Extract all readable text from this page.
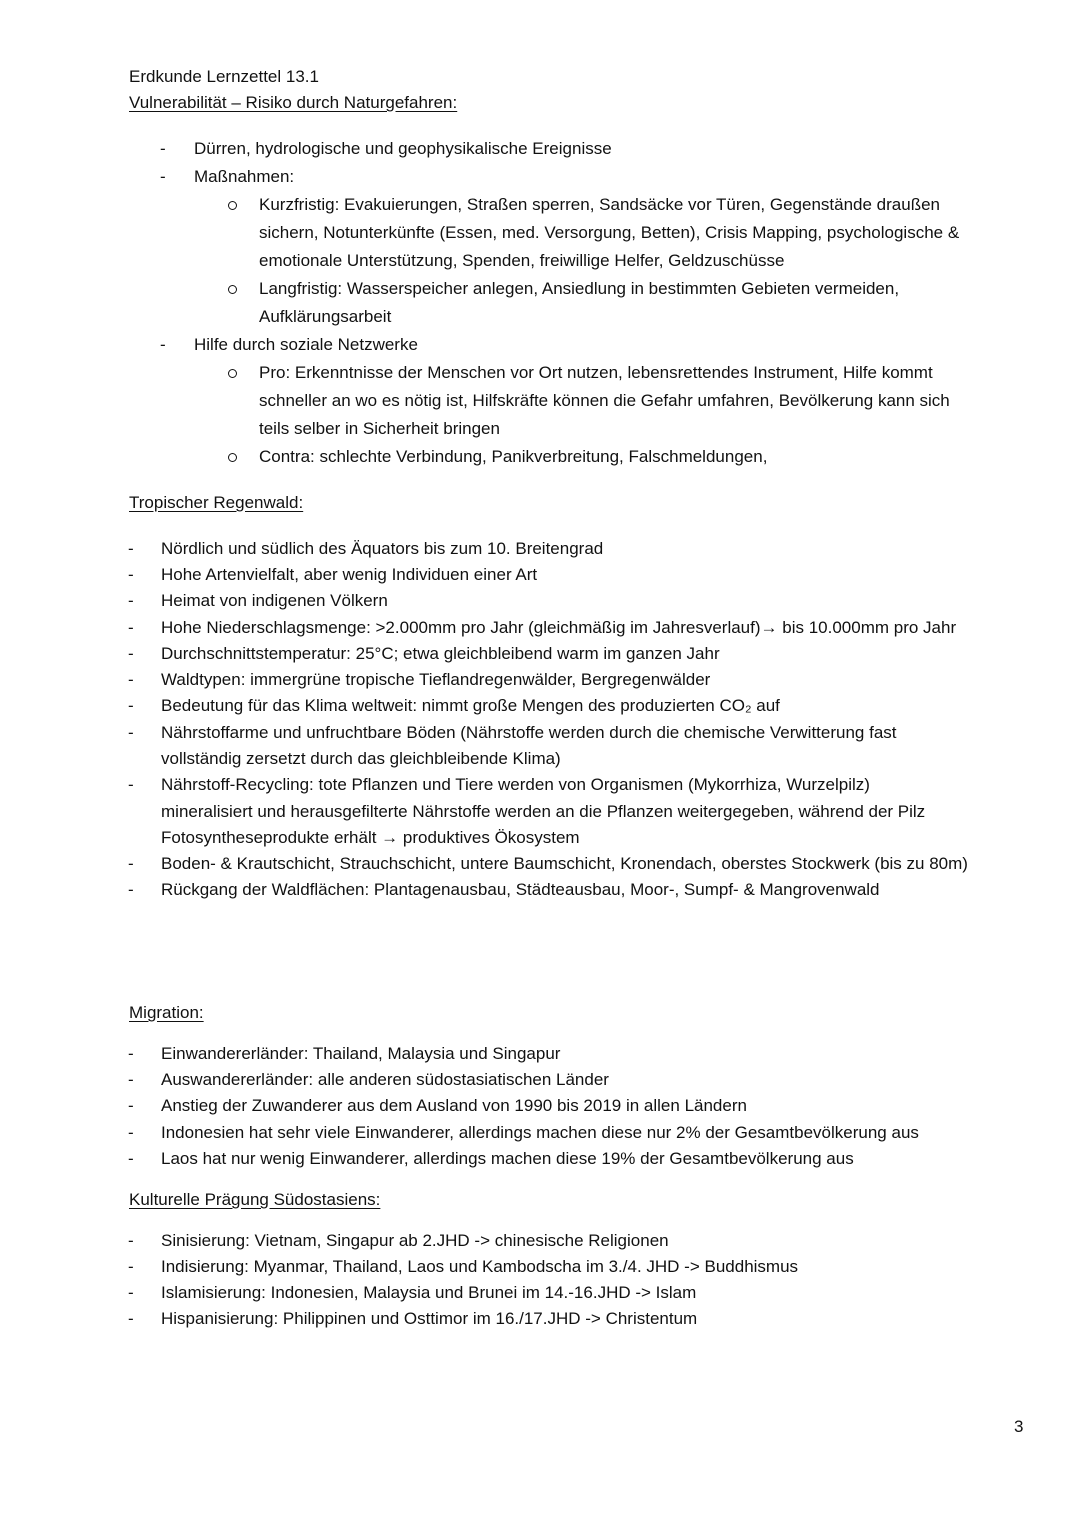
Erdkunde Lernzettel 13.1
Vulnerabilität – Risiko durch Naturgefahren:
-	Dürren, hydrologische und geophysikalische Ereignisse
-	Maßnahmen:
Kurzfristig: Evakuierungen, Straßen sperren, Sandsäcke vor Türen, Gegenstände draußen
sichern, Notunterkünfte (Essen, med. Versorgung, Betten), Crisis Mapping, psychologische &
emotionale Unterstützung, Spenden, freiwillige Helfer, Geldzuschüsse
Langfristig: Wasserspeicher anlegen, Ansiedlung in bestimmten Gebieten vermeiden,
Aufklärungsarbeit
-	Hilfe durch soziale Netzwerke
Pro: Erkenntnisse der Menschen vor Ort nutzen, lebensrettendes Instrument, Hilfe kommt
schneller an wo es nötig ist, Hilfskräfte können die Gefahr umfahren, Bevölkerung kann sich
teils selber in Sicherheit bringen
Contra: schlechte Verbindung, Panikverbreitung, Falschmeldungen,
Tropischer Regenwald:
-	Nördlich und südlich des Äquators bis zum 10. Breitengrad
-	Hohe Artenvielfalt, aber wenig Individuen einer Art
-	Heimat von indigenen Völkern
-	Hohe Niederschlagsmenge: >2.000mm pro Jahr (gleichmäßig im Jahresverlauf)→ bis 10.000mm pro Jahr
-	Durchschnittstemperatur: 25°C; etwa gleichbleibend warm im ganzen Jahr
-	Waldtypen: immergrüne tropische Tieflandregenwälder, Bergregenwälder
-	Bedeutung für das Klima weltweit: nimmt große Mengen des produzierten CO₂ auf
-	Nährstoffarme und unfruchtbare Böden (Nährstoffe werden durch die chemische Verwitterung fast
vollständig zersetzt durch das gleichbleibende Klima)
-	Nährstoff-Recycling: tote Pflanzen und Tiere werden von Organismen (Mykorrhiza, Wurzelpilz)
mineralisiert und herausgefilterte Nährstoffe werden an die Pflanzen weitergegeben, während der Pilz
Fotosyntheseprodukte erhält → produktives Ökosystem
-	Boden- & Krautschicht, Strauchschicht, untere Baumschicht, Kronendach, oberstes Stockwerk (bis zu 80m)
-	Rückgang der Waldflächen: Plantagenausbau, Städteausbau, Moor-, Sumpf- & Mangrovenwald
Migration:
-	Einwandererländer: Thailand, Malaysia und Singapur
-	Auswandererländer: alle anderen südostasiatischen Länder
-	Anstieg der Zuwanderer aus dem Ausland von 1990 bis 2019 in allen Ländern
-	Indonesien hat sehr viele Einwanderer, allerdings machen diese nur 2% der Gesamtbevölkerung aus
-	Laos hat nur wenig Einwanderer, allerdings machen diese 19% der Gesamtbevölkerung aus
Kulturelle Prägung Südostasiens:
-	Sinisierung: Vietnam, Singapur ab 2.JHD -> chinesische Religionen
-	Indisierung: Myanmar, Thailand, Laos und Kambodscha im 3./4. JHD -> Buddhismus
-	Islamisierung: Indonesien, Malaysia und Brunei im 14.-16.JHD -> Islam
-	Hispanisierung: Philippinen und Osttimor im 16./17.JHD -> Christentum
3
